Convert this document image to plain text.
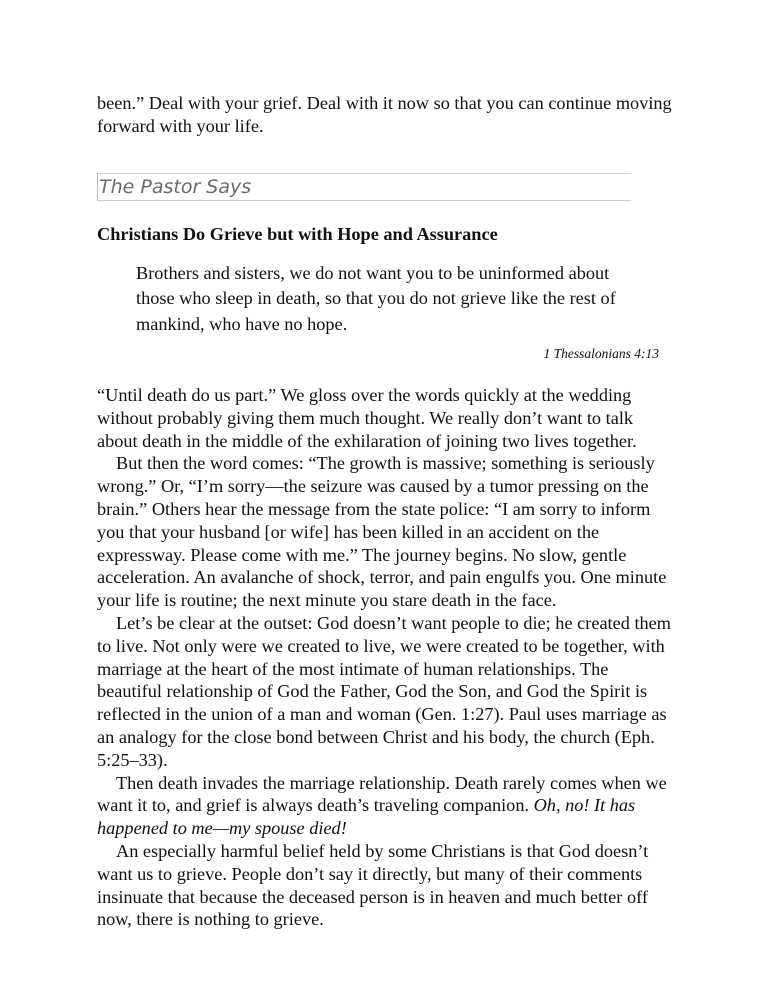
been.” Deal with your grief. Deal with it now so that you can continue moving forward with your life.

The Pastor Says
Christians Do Grieve but with Hope and Assurance

Brothers and sisters, we do not want you to be uninformed about those who sleep in death, so that you do not grieve like the rest of mankind, who have no hope.

1 Thessalonians 4:13

“Until death do us part.” We gloss over the words quickly at the wedding without probably giving them much thought. We really don’t want to talk about death in the middle of the exhilaration of joining two lives together.

But then the word comes: “The growth is massive; something is seriously wrong.” Or, “I’m sorry—the seizure was caused by a tumor pressing on the brain.” Others hear the message from the state police: “I am sorry to inform you that your husband [or wife] has been killed in an accident on the expressway. Please come with me.” The journey begins. No slow, gentle acceleration. An avalanche of shock, terror, and pain engulfs you. One minute your life is routine; the next minute you stare death in the face.

Let’s be clear at the outset: God doesn’t want people to die; he created them to live. Not only were we created to live, we were created to be together, with marriage at the heart of the most intimate of human relationships. The beautiful relationship of God the Father, God the Son, and God the Spirit is reflected in the union of a man and woman (Gen. 1:27). Paul uses marriage as an analogy for the close bond between Christ and his body, the church (Eph. 5:25–33).

Then death invades the marriage relationship. Death rarely comes when we want it to, and grief is always death’s traveling companion. Oh, no! It has happened to me—my spouse died!

An especially harmful belief held by some Christians is that God doesn’t want us to grieve. People don’t say it directly, but many of their comments insinuate that because the deceased person is in heaven and much better off now, there is nothing to grieve.
